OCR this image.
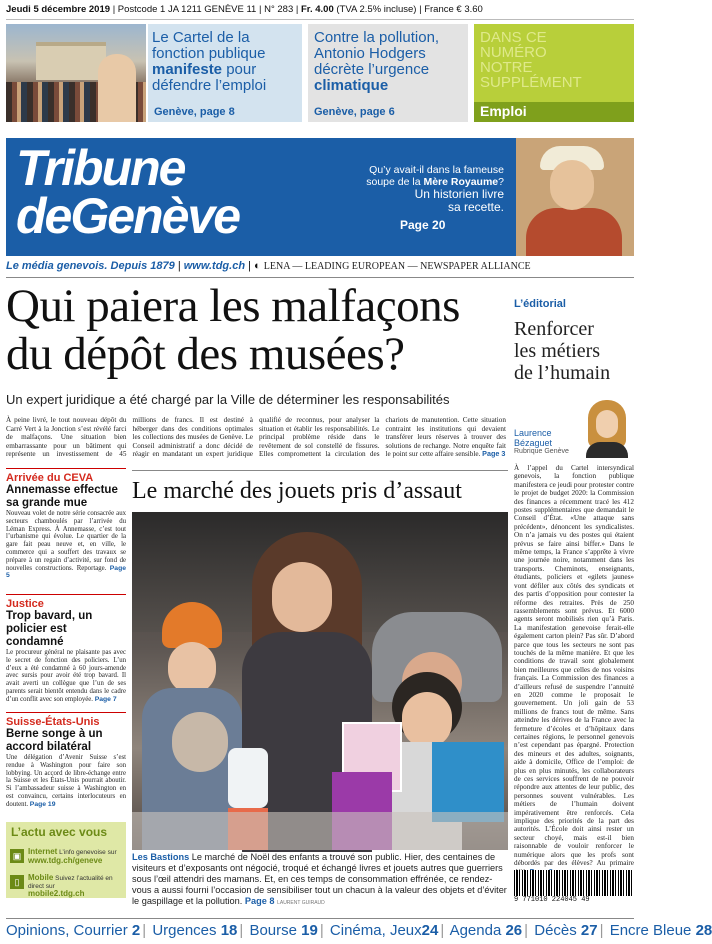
Jeudi 5 décembre 2019 | Postcode 1 JA 1211 GENÈVE 11 | N° 283 | Fr. 4.00 (TVA 2.5% incluse) | France € 3.60
Le Cartel de la
fonction publique
manifeste pour
défendre l’emploi
Genève, page 8
Contre la pollution,
Antonio Hodgers
décrète l’urgence
climatique
Genève, page 6
DANS CE
NUMÉRO
NOTRE
SUPPLÉMENT
Emploi
Tribune
deGenève
Qu’y avait-il dans la fameuse
soupe de la Mère Royaume?
Un historien livre
sa recette.
Page 20
Le média genevois. Depuis 1879 | www.tdg.ch | ◐ LENA — LEADING EUROPEAN — NEWSPAPER ALLIANCE
Qui paiera les malfaçons
du dépôt des musées?
Un expert juridique a été chargé par la Ville de déterminer les responsabilités
À peine livré, le tout nouveau dépôt du Carré Vert à la Jonction s’est révélé farci de malfaçons. Une situation bien embarrassante pour un bâtiment qui représente un investissement de 45 millions de francs. Il est destiné à héberger dans des conditions optimales les collections des musées de Genève. Le Conseil administratif a donc décidé de réagir en mandatant un expert juridique qualifié de reconnus, pour analyser la situation et établir les responsabilités. Le principal problème réside dans le revêtement de sol constellé de fissures. Elles compromettent la circulation des chariots de manutention. Cette situation contraint les institutions qui devaient transférer leurs réserves à trouver des solutions de rechange. Notre enquête fait le point sur cette affaire sensible. Page 3
L’éditorial
Renforcer
les métiers
de l’humain
Laurence
Bézaguet
Rubrique Genève
À l’appel du Cartel intersyndical genevois, la fonction publique manifestera ce jeudi pour protester contre le projet de budget 2020: la Commission des finances a récemment tracé les 412 postes supplémentaires que demandait le Conseil d’État. «Une attaque sans précédent», dénoncent les syndicalistes. On n’a jamais vu des postes qui étaient prévus se faire ainsi biffer.» Dans le même temps, la France s’apprête à vivre une journée noire, notamment dans les transports. Cheminots, enseignants, étudiants, policiers et «gilets jaunes» vont défiler aux côtés des syndicats et des partis d’opposition pour contester la réforme des retraites. Près de 250 rassemblements sont prévus. Et 6000 agents seront mobilisés rien qu’à Paris. La manifestation genevoise ferait-elle également carton plein? Pas sûr. D’abord parce que tous les secteurs ne sont pas touchés de la même manière. Et que les conditions de travail sont globalement bien meilleures que celles de nos voisins français. La Commission des finances a d’ailleurs refusé de suspendre l’annuité en 2020 comme le proposait le gouvernement. Un joli gain de 53 millions de francs tout de même. Sans atteindre les dérives de la France avec la fermeture d’écoles et d’hôpitaux dans certaines régions, le personnel genevois n’est cependant pas épargné. Protection des mineurs et des adultes, soignants, aide à domicile, Office de l’emploi: de plus en plus minutés, les collaborateurs de ces services souffrent de ne pouvoir répondre aux attentes de leur public, des personnes souvent vulnérables. Les métiers de l’humain doivent impérativement être renforcés. Cela implique des priorités de la part des autorités. L’École doit ainsi rester un secteur choyé, mais est-il bien raisonnable de vouloir renforcer le numérique alors que les profs sont débordés par des élèves? Au primaire
9 771010 224045 49
Arrivée du CEVA
Annemasse effectue sa grande mue
Nouveau volet de notre série consacrée aux secteurs chamboulés par l’arrivée du Léman Express. À Annemasse, c’est tout l’urbanisme qui évolue. Le quartier de la gare fait peau neuve et, en ville, le commerce qui a souffert des travaux se prépare à un regain d’activité, sur fond de nouvelles constructions. Reportage. Page 5
Justice
Trop bavard, un policier est condamné
Le procureur général ne plaisante pas avec le secret de fonction des policiers. L’un d’eux a été condamné à 60 jours-amende avec sursis pour avoir été trop bavard. Il avait averti un collègue que l’un de ses parents serait bientôt entendu dans le cadre d’un conflit avec son employée. Page 7
Suisse-États-Unis
Berne songe à un accord bilatéral
Une délégation d’Avenir Suisse s’est rendue à Washington pour faire son lobbying. Un accord de libre-échange entre la Suisse et les États-Unis pourrait aboutir. Si l’ambassadeur suisse à Washington en est convaincu, certains interlocuteurs en doutent. Page 19
L’actu avec vous
▣ Internet L’info genevoise sur
www.tdg.ch/geneve
▯	Mobile Suivez l’actualité en direct sur
mobile2.tdg.ch
Le marché des jouets pris d’assaut
Les Bastions Le marché de Noël des enfants a trouvé son public. Hier, des centaines de visiteurs et d’exposants ont négocié, troqué et échangé livres et jouets autres que guerriers sous l’œil attendri des mamans. Et, en ces temps de consommation effrénée, ce rendez-vous a aussi fourni l’occasion de sensibiliser tout un chacun à la valeur des objets et d’éviter le gaspillage et la pollution. Page 8 LAURENT GUIRAUD
Opinions, Courrier 2 | Urgences 18 | Bourse 19 | Cinéma, Jeux24 | Agenda 26 | Décès 27 | Encre Bleue 28
